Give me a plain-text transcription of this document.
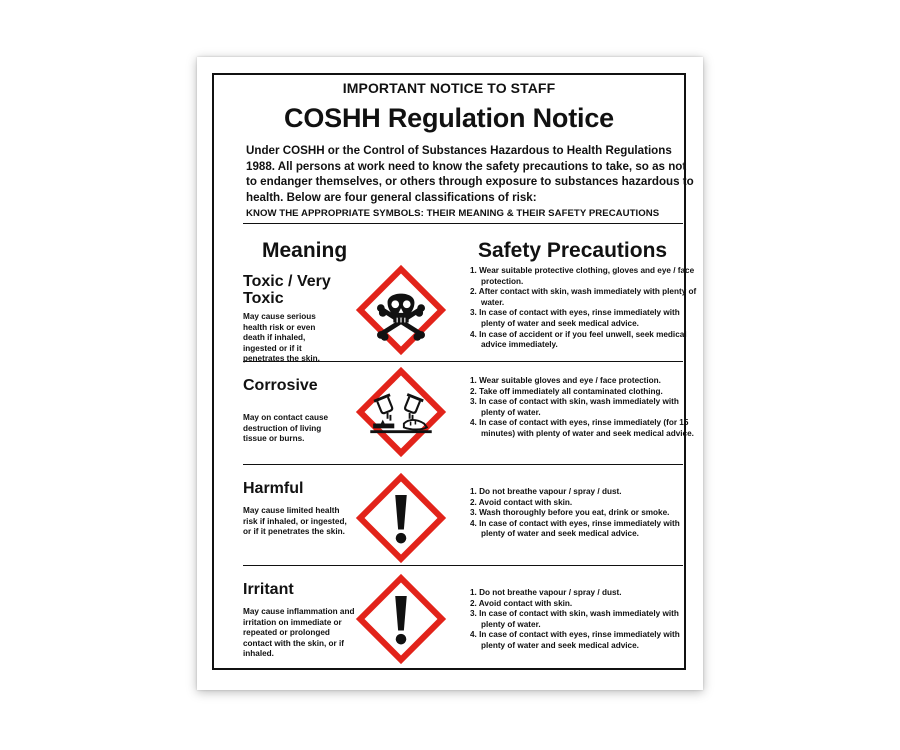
IMPORTANT NOTICE TO STAFF
COSHH Regulation Notice
Under COSHH or the Control of Substances Hazardous to Health Regulations 1988. All persons at work need to know the safety precautions to take, so as not to endanger themselves, or others through exposure to substances hazardous to health. Below are four general classifications of risk:
KNOW THE APPROPRIATE SYMBOLS: THEIR MEANING & THEIR SAFETY PRECAUTIONS
Meaning	Safety Precautions
Toxic / Very Toxic
May cause serious health risk or even death if inhaled, ingested or if it penetrates the skin.
1. Wear suitable protective clothing, gloves and eye / face protection.
2. After contact with skin, wash immediately with plenty of water.
3. In case of contact with eyes, rinse immediately with plenty of water and seek medical advice.
4. In case of accident or if you feel unwell, seek medical advice immediately.
Corrosive
May on contact cause destruction of living tissue or burns.
1. Wear suitable gloves and eye / face protection.
2. Take off immediately all contaminated clothing.
3. In case of contact with skin, wash immediately with plenty of water.
4. In case of contact with eyes, rinse immediately (for 15 minutes) with plenty of water and seek medical advice.
Harmful
May cause limited health risk if inhaled, or ingested, or if it penetrates the skin.
1. Do not breathe vapour / spray / dust.
2. Avoid contact with skin.
3. Wash thoroughly before you eat, drink or smoke.
4. In case of contact with eyes, rinse immediately with plenty of water and seek medical advice.
Irritant
May cause inflammation and irritation on immediate or repeated or prolonged contact with the skin, or if inhaled.
1. Do not breathe vapour / spray / dust.
2. Avoid contact with skin.
3. In case of contact with skin, wash immediately with plenty of water.
4. In case of contact with eyes, rinse immediately with plenty of water and seek medical advice.
